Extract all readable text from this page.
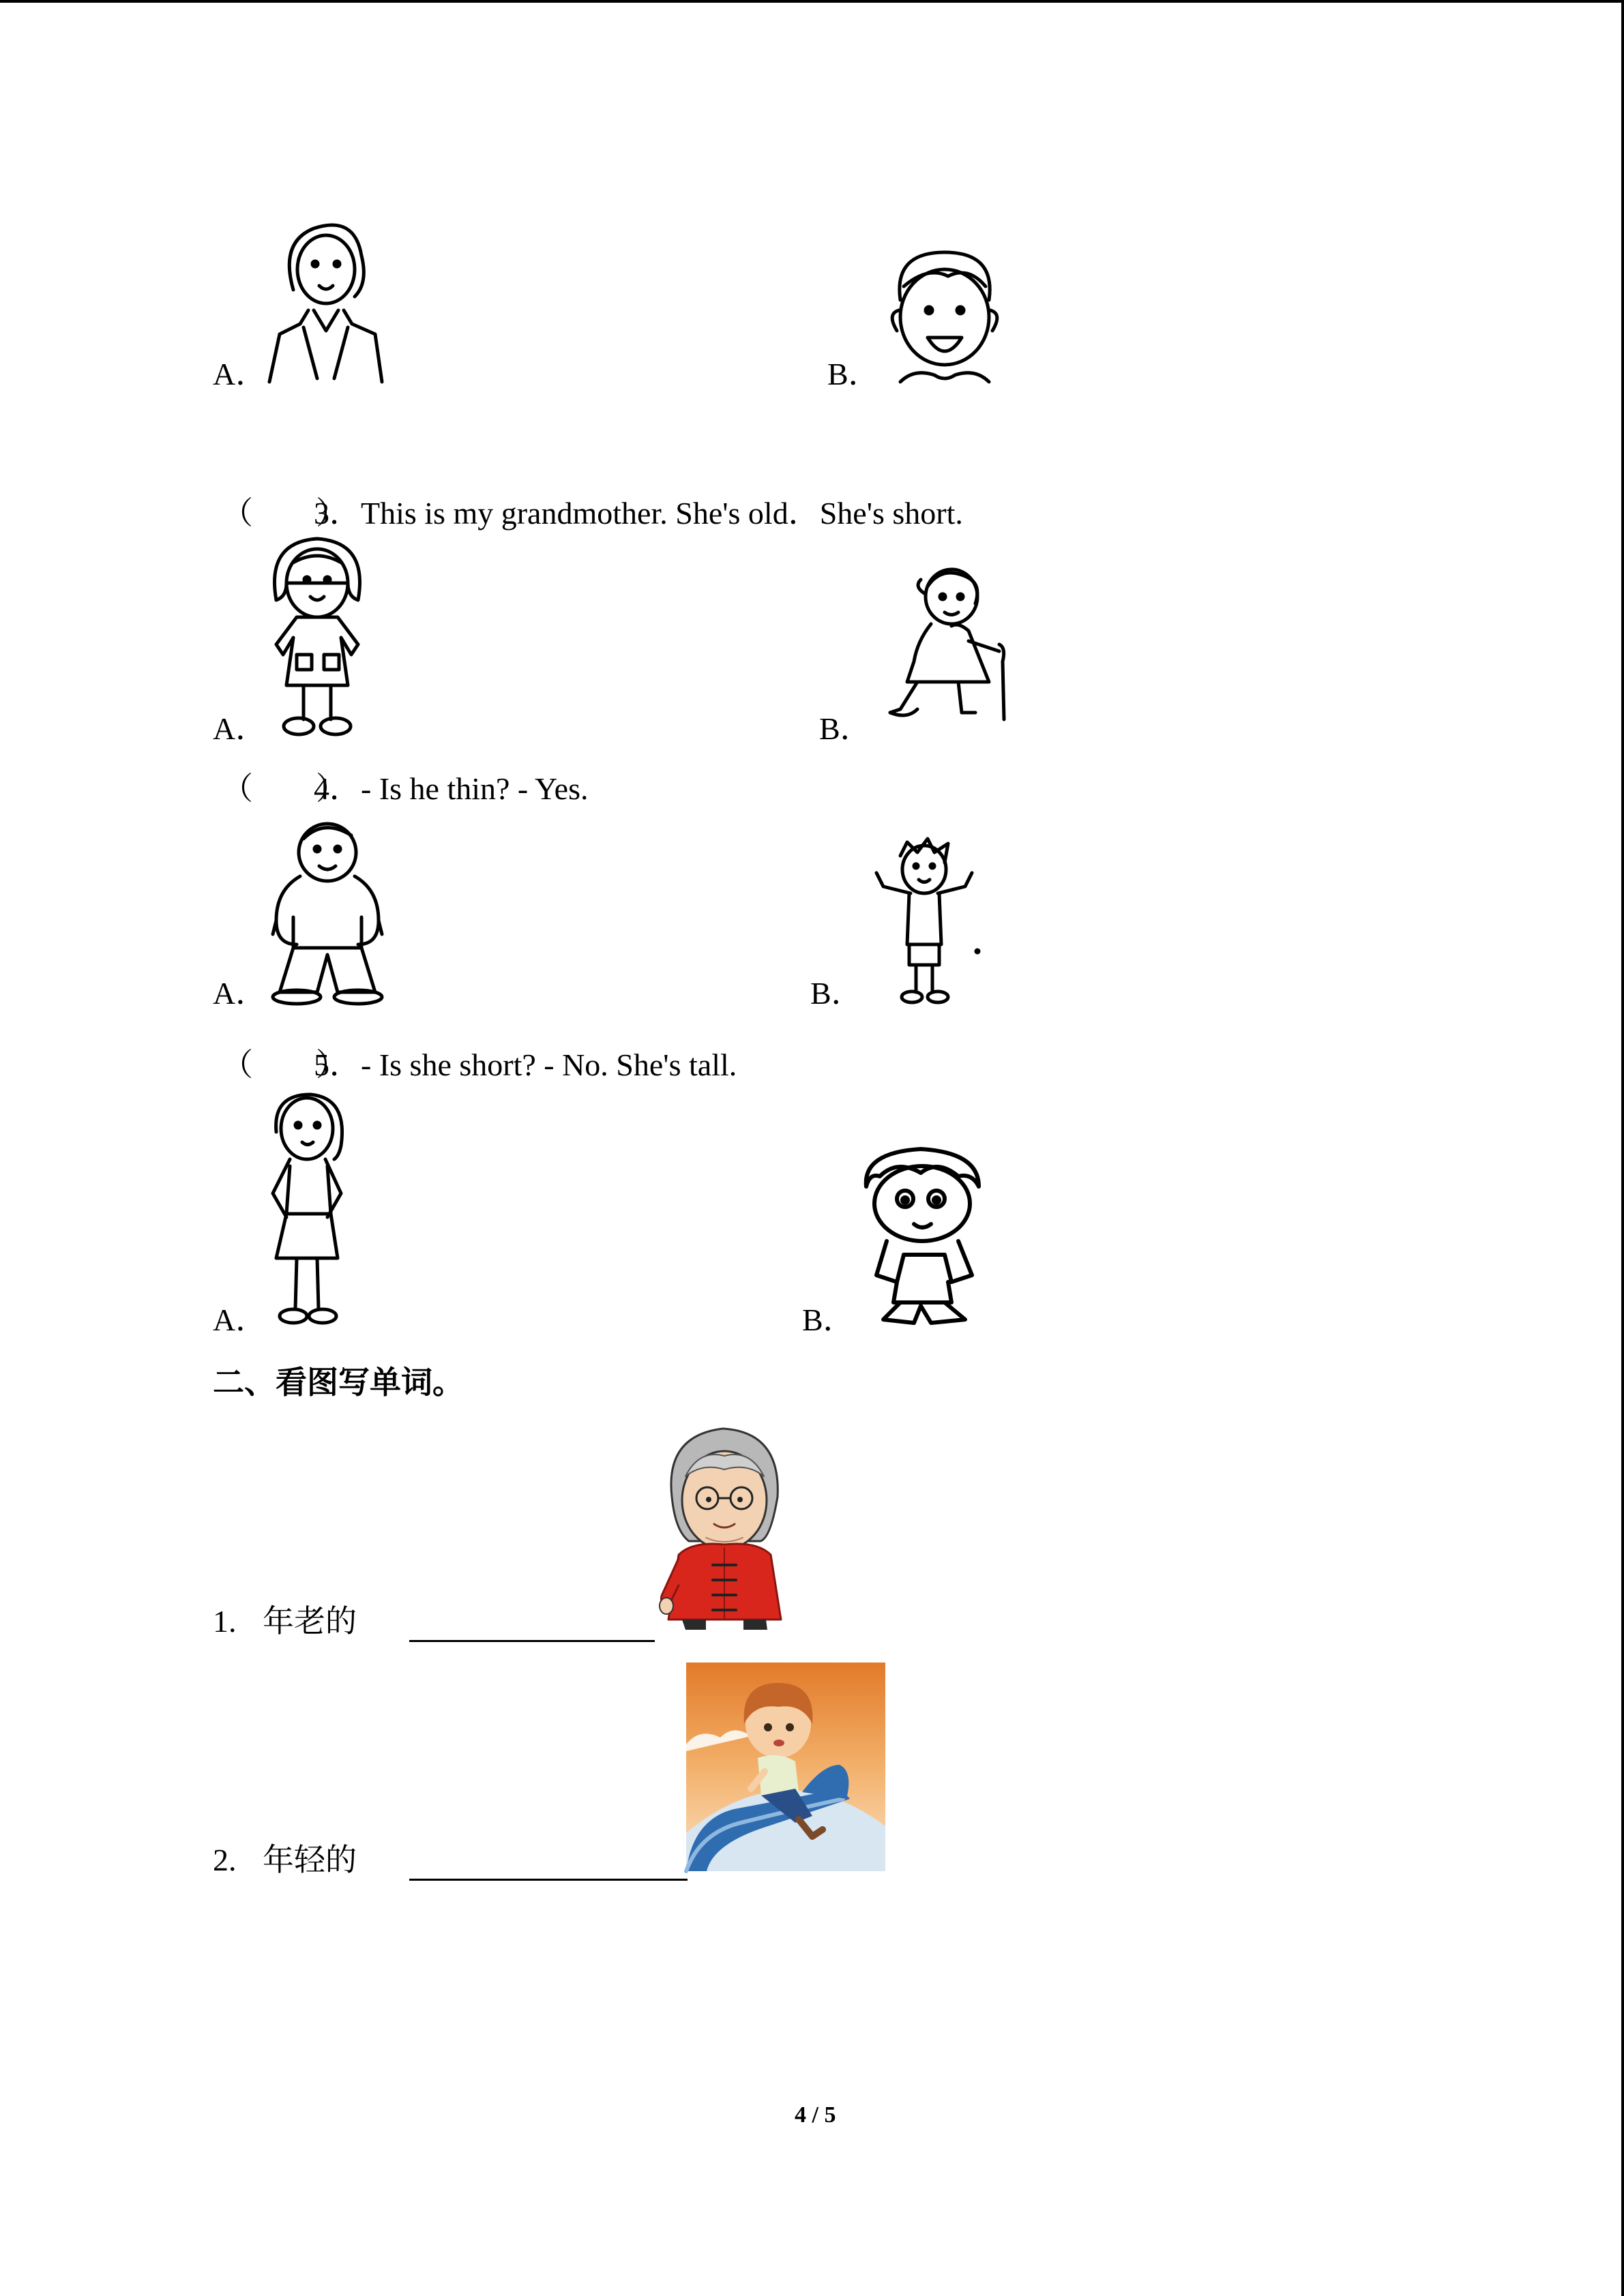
A．	B．
（　　）
3．This is my grandmother. She's old．She's short.
A．	B．
（　　）
4．- Is he thin? - Yes.
A．	B．
（　　）
5．- Is she short? - No. She's tall.
A．	B．
二、看图写单词。
1. 年老的
2. 年轻的
4 / 5
